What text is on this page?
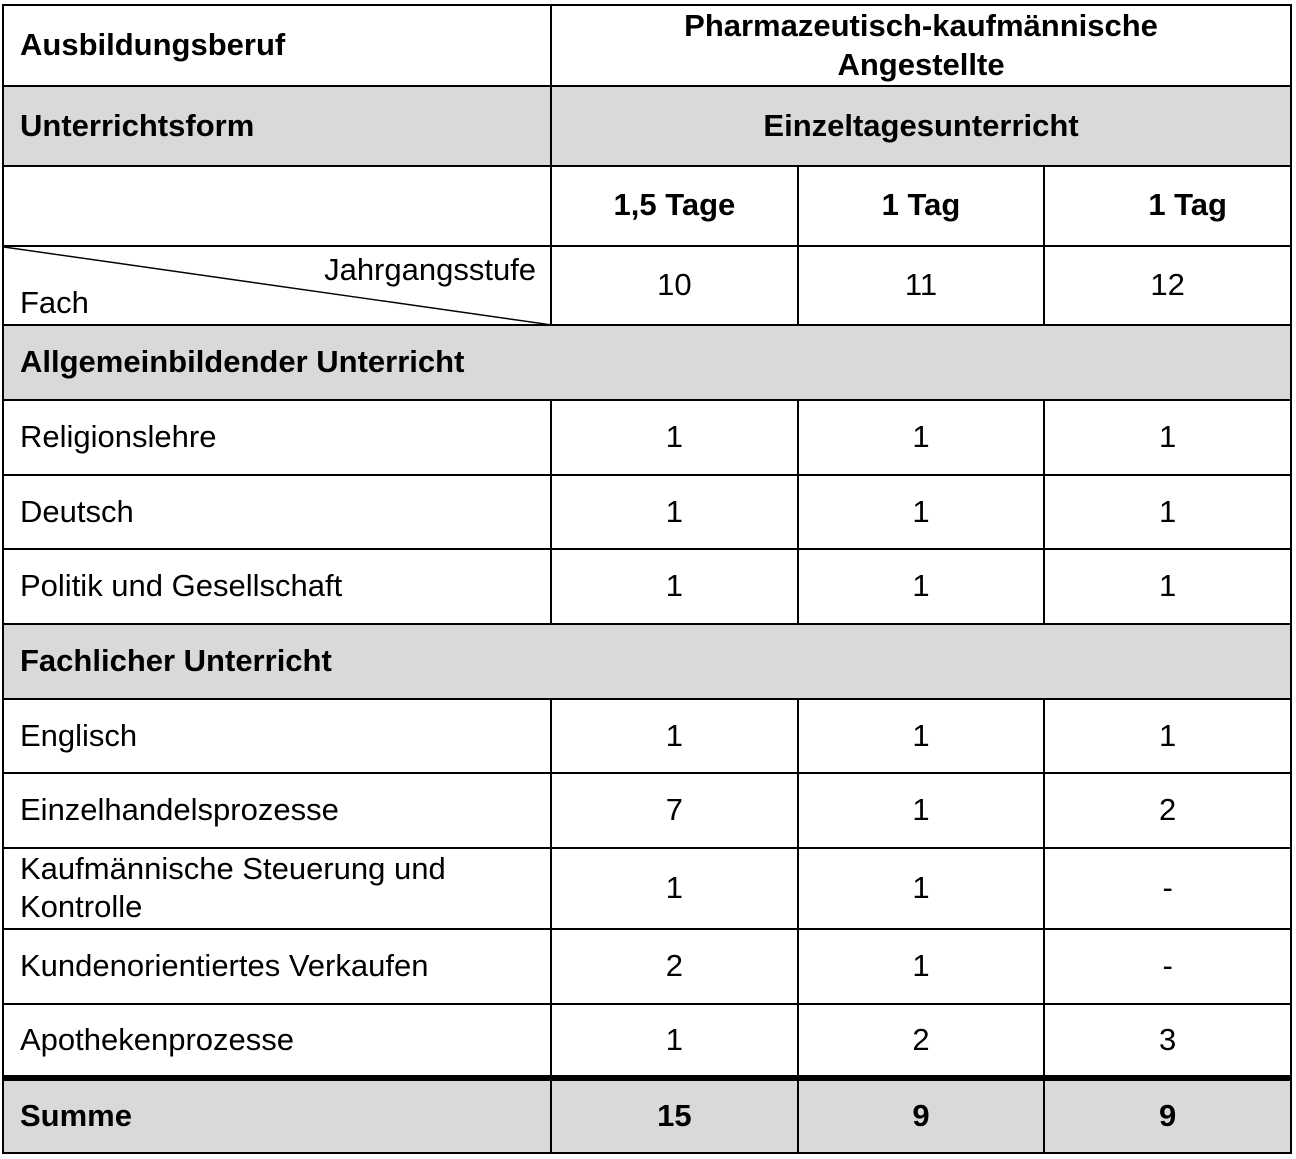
Ausbildungsberuf	Pharmazeutisch-kaufmännische Angestellte		
Unterrichtsform	Einzeltagesunterricht		
	1,5 Tage	1 Tag	1 Tag

Jahrgangsstufe
Fach	10	11	12
Allgemeinbildender Unterricht			
Religionslehre	1	1	1
Deutsch	1	1	1
Politik und Gesellschaft	1	1	1
Fachlicher Unterricht			
Englisch	1	1	1
Einzelhandelsprozesse	7	1	2
Kaufmännische Steuerung und Kontrolle	1	1	-
Kundenorientiertes Verkaufen	2	1	-
Apothekenprozesse	1	2	3
Summe	15	9	9
